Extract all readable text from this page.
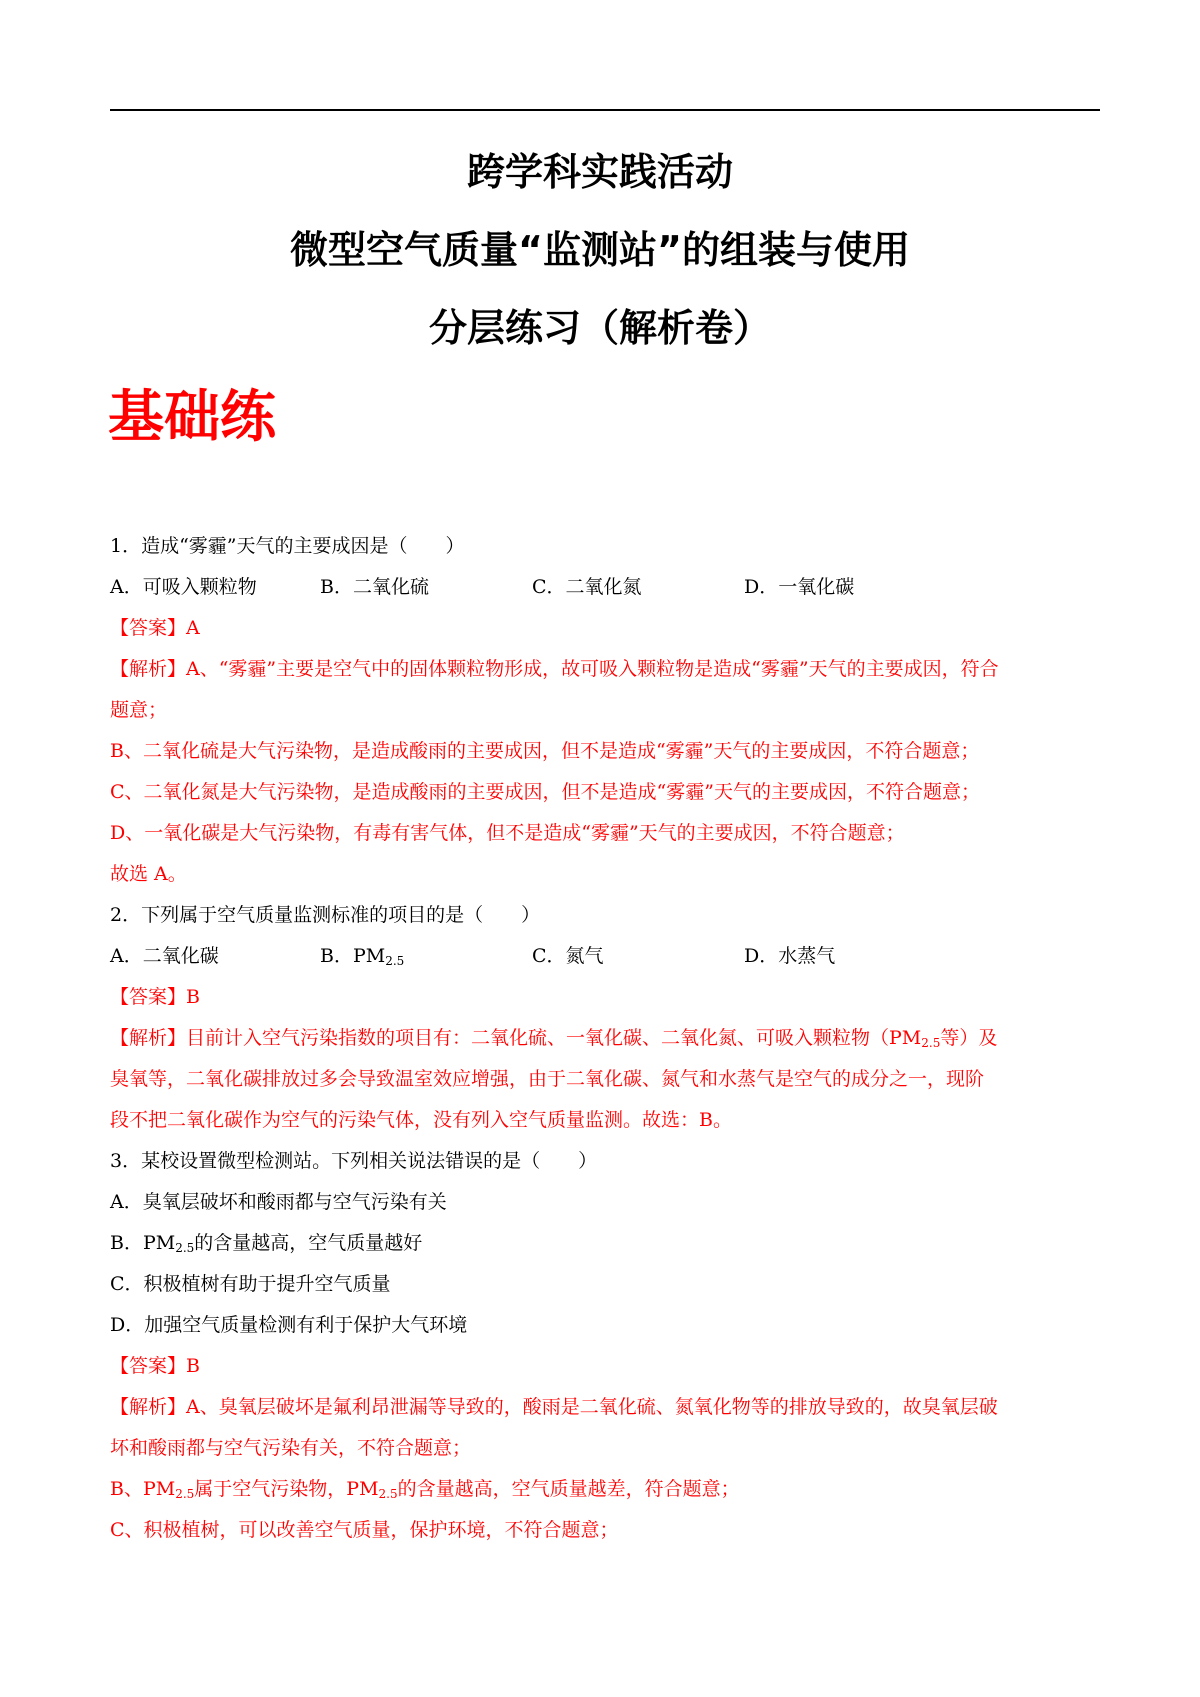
跨学科实践活动
微型空气质量“监测站”的组装与使用
分层练习（解析卷）
基础练
1．造成“雾霾”天气的主要成因是（　　）
A．可吸入颗粒物	B．二氧化硫	C．二氧化氮	D．一氧化碳
【答案】A
【解析】A、“雾霾”主要是空气中的固体颗粒物形成，故可吸入颗粒物是造成“雾霾”天气的主要成因，符合
题意；
B、二氧化硫是大气污染物，是造成酸雨的主要成因，但不是造成“雾霾”天气的主要成因，不符合题意；
C、二氧化氮是大气污染物，是造成酸雨的主要成因，但不是造成“雾霾”天气的主要成因，不符合题意；
D、一氧化碳是大气污染物，有毒有害气体，但不是造成“雾霾”天气的主要成因，不符合题意；
故选 A。
2．下列属于空气质量监测标准的项目的是（　　）
A．二氧化碳	B．$PM_{2.5}$	C．氮气	D．水蒸气
【答案】B
【解析】目前计入空气污染指数的项目有：二氧化硫、一氧化碳、二氧化氮、可吸入颗粒物（$PM_{2.5}$等）及
臭氧等，二氧化碳排放过多会导致温室效应增强，由于二氧化碳、氮气和水蒸气是空气的成分之一，现阶
段不把二氧化碳作为空气的污染气体，没有列入空气质量监测。故选：B。
3．某校设置微型检测站。下列相关说法错误的是（　　）
A．臭氧层破坏和酸雨都与空气污染有关
B．$PM_{2.5}$的含量越高，空气质量越好
C．积极植树有助于提升空气质量
D．加强空气质量检测有利于保护大气环境
【答案】B
【解析】A、臭氧层破坏是氟利昂泄漏等导致的，酸雨是二氧化硫、氮氧化物等的排放导致的，故臭氧层破
坏和酸雨都与空气污染有关，不符合题意；
B、$PM_{2.5}$属于空气污染物，$PM_{2.5}$的含量越高，空气质量越差，符合题意；
C、积极植树，可以改善空气质量，保护环境，不符合题意；
